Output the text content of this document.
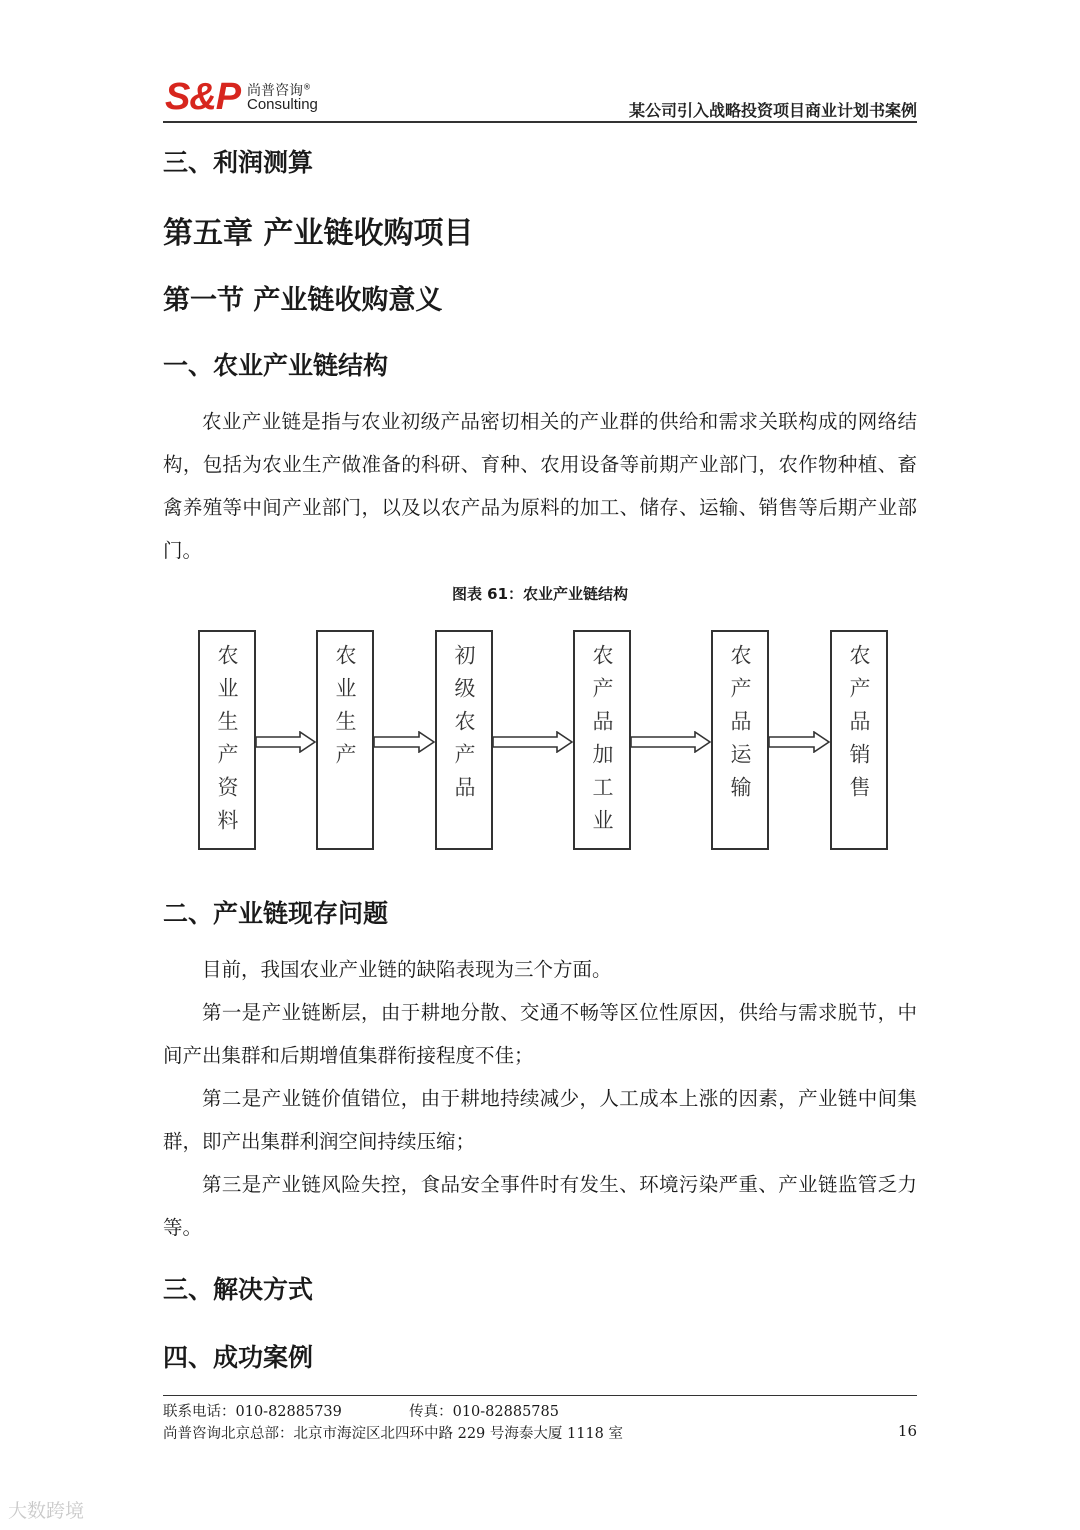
S&P 尚普咨询®
Consulting	某公司引入战略投资项目商业计划书案例
三、利润测算
第五章 产业链收购项目
第一节 产业链收购意义
一、农业产业链结构

农业产业链是指与农业初级产品密切相关的产业群的供给和需求关联构成的网络结构，包括为农业生产做准备的科研、育种、农用设备等前期产业部门，农作物种植、畜禽养殖等中间产业部门，以及以农产品为原料的加工、储存、运输、销售等后期产业部门。

图表 61：农业产业链结构
农业生产资料	农业生产	初级农产品	农产品加工业	农产品运输	农产品销售
二、产业链现存问题

目前，我国农业产业链的缺陷表现为三个方面。

第一是产业链断层，由于耕地分散、交通不畅等区位性原因，供给与需求脱节，中间产出集群和后期增值集群衔接程度不佳；

第二是产业链价值错位，由于耕地持续减少，人工成本上涨的因素，产业链中间集群，即产出集群利润空间持续压缩；

第三是产业链风险失控，食品安全事件时有发生、环境污染严重、产业链监管乏力等。

三、解决方式
四、成功案例
联系电话：010-82885739	传真：010-82885785
尚普咨询北京总部：北京市海淀区北四环中路 229 号海泰大厦 1118 室	16
大数跨境
